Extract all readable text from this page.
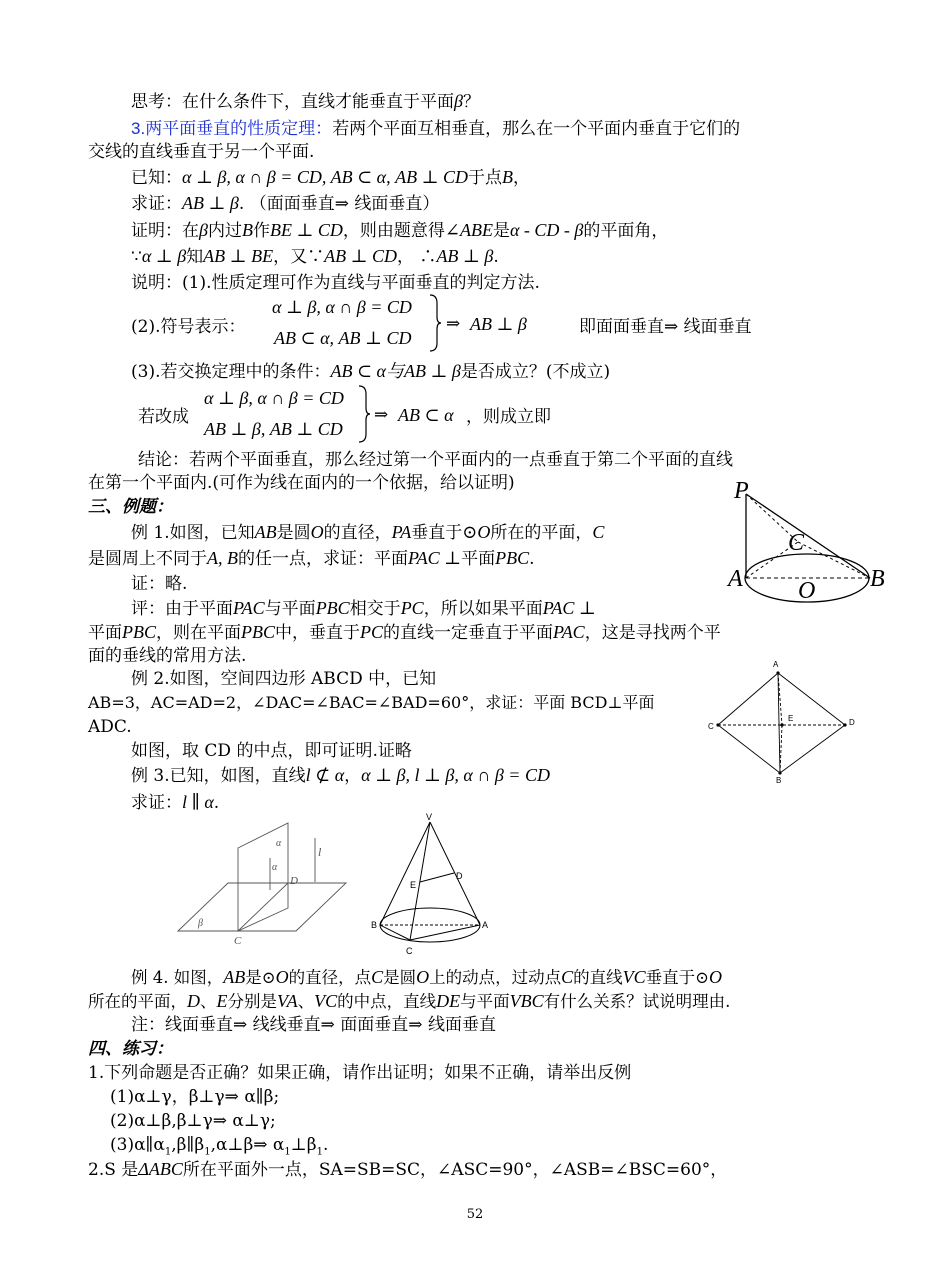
思考：在什么条件下，直线才能垂直于平面β？
3.两平面垂直的性质定理：若两个平面互相垂直，那么在一个平面内垂直于它们的
交线的直线垂直于另一个平面.
已知：α ⊥ β, α ∩ β = CD, AB ⊂ α, AB ⊥ CD于点B，
求证：AB ⊥ β. （面面垂直⇒ 线面垂直）
证明：在β内过B作BE ⊥ CD，则由题意得∠ABE是α - CD - β的平面角，
∵α ⊥ β知AB ⊥ BE，又∵AB ⊥ CD， ∴AB ⊥ β.
说明：(1).性质定理可作为直线与平面垂直的判定方法.
(2).符号表示：
α ⊥ β, α ∩ β = CD
AB ⊂ α, AB ⊥ CD
⇒ AB ⊥ β	即面面垂直⇒ 线面垂直
(3).若交换定理中的条件：AB ⊂ α与AB ⊥ β是否成立？(不成立)
若改成
α ⊥ β, α ∩ β = CD
AB ⊥ β, AB ⊥ CD
⇒ AB ⊂ α ，则成立即
结论：若两个平面垂直，那么经过第一个平面内的一点垂直于第二个平面的直线
在第一个平面内.(可作为线在面内的一个依据，给以证明)
三、例题：
例 1.如图，已知AB是圆O的直径，PA垂直于⊙O所在的平面，C
是圆周上不同于A, B的任一点，求证：平面PAC ⊥平面PBC.
证：略.
评：由于平面PAC与平面PBC相交于PC，所以如果平面PAC ⊥
平面PBC，则在平面PBC中，垂直于PC的直线一定垂直于平面PAC，这是寻找两个平
面的垂线的常用方法.
P
C
A O B
例 2.如图，空间四边形 ABCD 中，已知
AB=3，AC=AD=2，∠DAC=∠BAC=∠BAD=60°，求证：平面 BCD⊥平面
ADC.
如图，取 CD 的中点，即可证明.证略
A
C
E	D
B
例 3.已知，如图，直线l ⊄ α，α ⊥ β, l ⊥ β, α ∩ β = CD
求证：l ∥ α.
α
α
l
D
β
C
V
E
D
B	A
C
例 4. 如图，AB是⊙O的直径，点C是圆O上的动点，过动点C的直线VC垂直于⊙O
所在的平面，D、E分别是VA、VC的中点，直线DE与平面VBC有什么关系？试说明理由.
注：线面垂直⇒ 线线垂直⇒ 面面垂直⇒ 线面垂直
四、练习：
1.下列命题是否正确？如果正确，请作出证明；如果不正确，请举出反例
(1)α⊥γ，β⊥γ⇒ α∥β;
(2)α⊥β,β⊥γ⇒ α⊥γ;
$(3)\alpha\parallel\alpha_1,\beta\parallel\beta_1,\alpha\perp\beta\Rightarrow$ $\alpha_1\perp\beta_1$.
2.S 是ΔABC所在平面外一点，SA=SB=SC，∠ASC=90°，∠ASB=∠BSC=60°，
52
